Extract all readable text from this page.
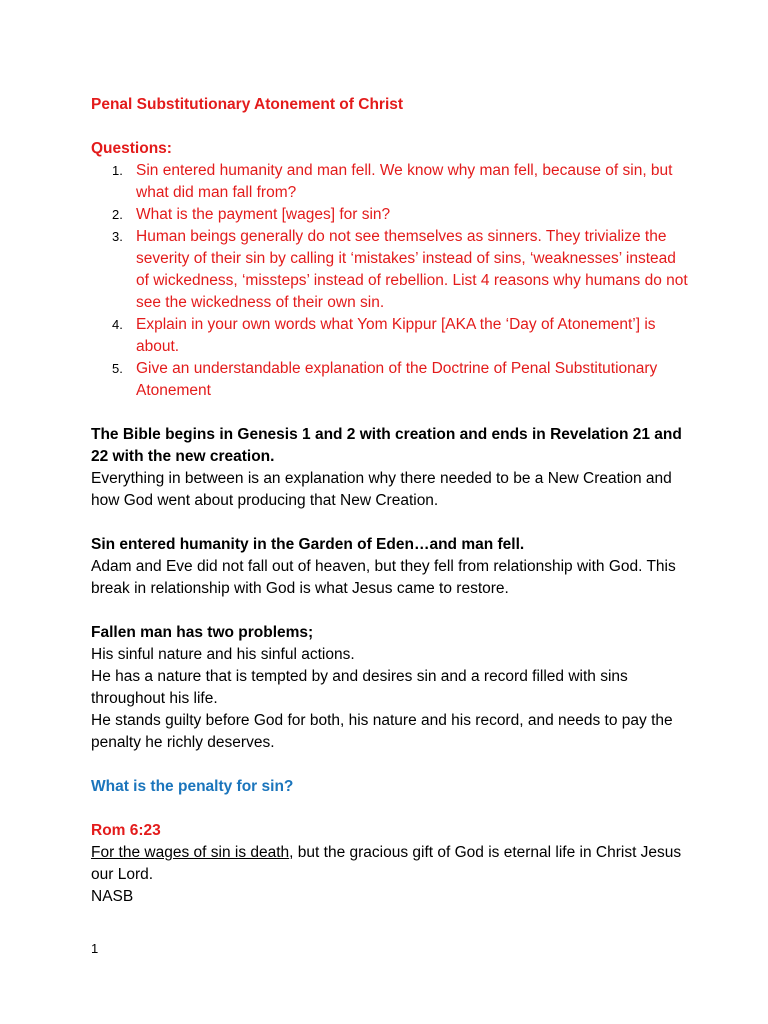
Penal Substitutionary Atonement of Christ

Questions:

1. Sin entered humanity and man fell. We know why man fell, because of sin, but what did man fall from?
2. What is the payment [wages] for sin?
3. Human beings generally do not see themselves as sinners. They trivialize the severity of their sin by calling it ‘mistakes’ instead of sins, ‘weaknesses’ instead of wickedness, ‘missteps’ instead of rebellion. List 4 reasons why humans do not see the wickedness of their own sin.
4. Explain in your own words what Yom Kippur [AKA the ‘Day of Atonement’] is about.
5. Give an understandable explanation of the Doctrine of Penal Substitutionary Atonement

The Bible begins in Genesis 1 and 2 with creation and ends in Revelation 21 and 22 with the new creation.

Everything in between is an explanation why there needed to be a New Creation and how God went about producing that New Creation.

Sin entered humanity in the Garden of Eden…and man fell.

Adam and Eve did not fall out of heaven, but they fell from relationship with God. This break in relationship with God is what Jesus came to restore.

Fallen man has two problems;

His sinful nature and his sinful actions.

He has a nature that is tempted by and desires sin and a record filled with sins throughout his life.

He stands guilty before God for both, his nature and his record, and needs to pay the penalty he richly deserves.

What is the penalty for sin?

Rom 6:23

For the wages of sin is death, but the gracious gift of God is eternal life in Christ Jesus our Lord.

NASB

1
